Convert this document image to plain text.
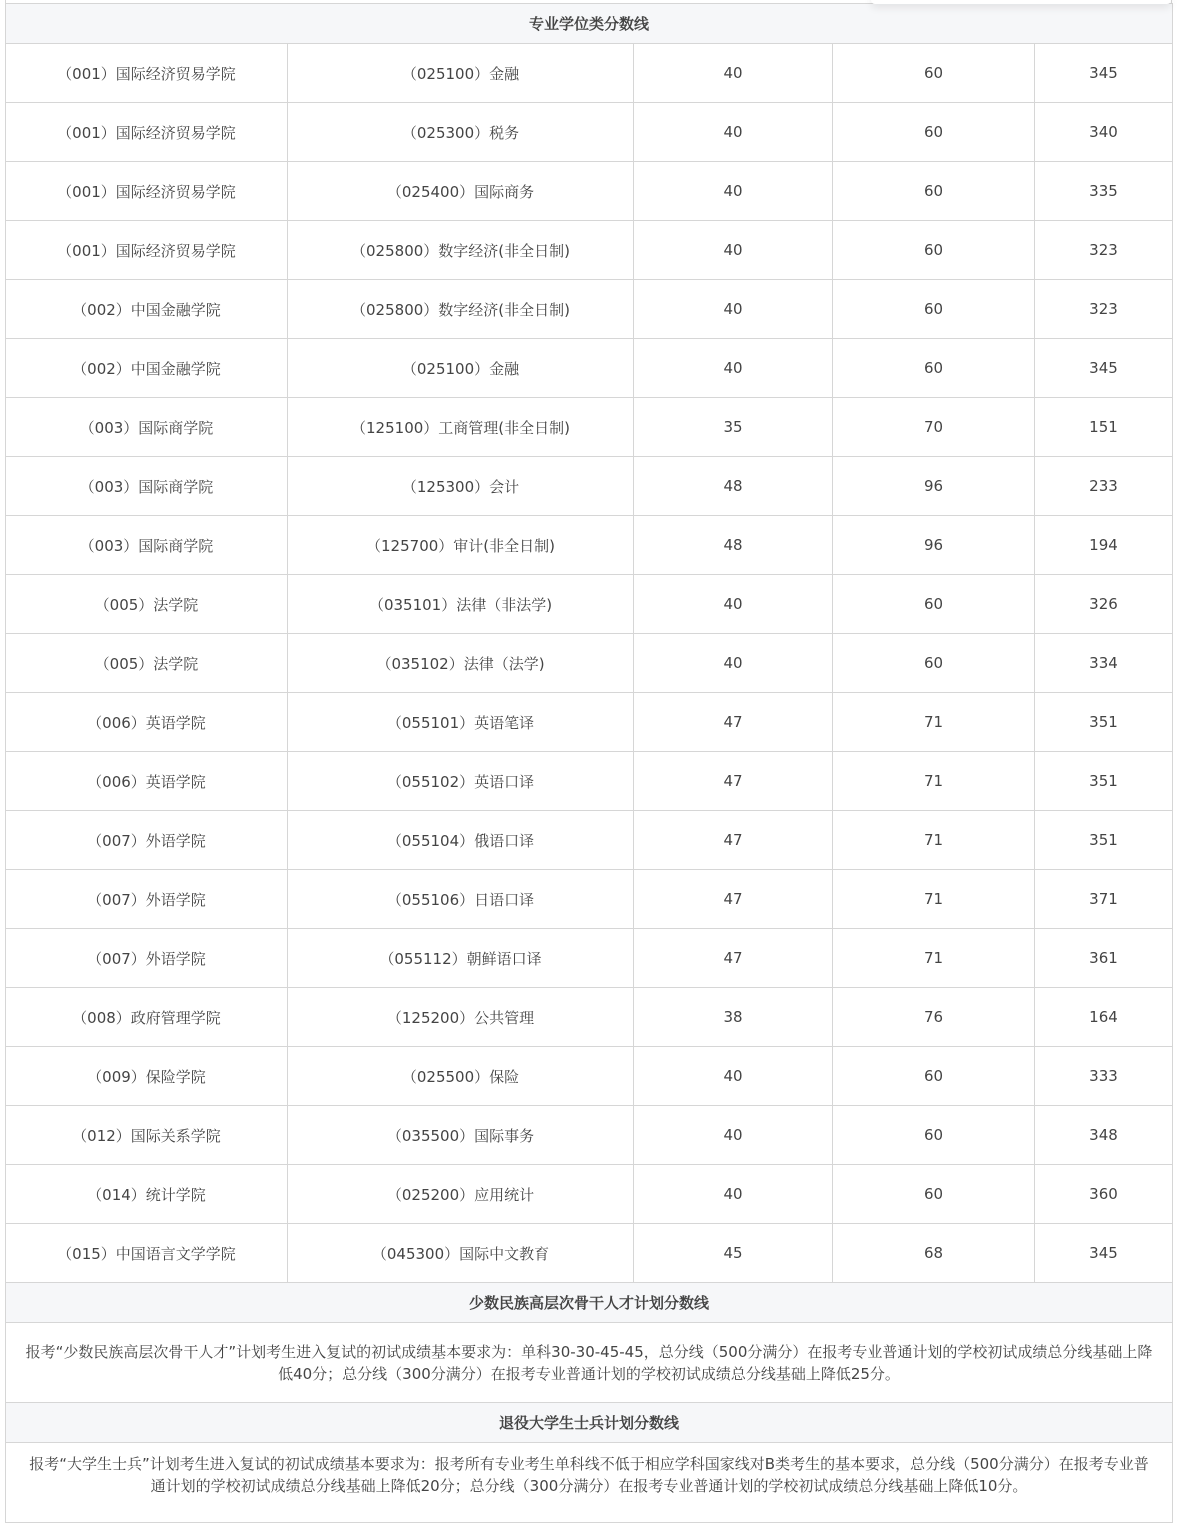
专业学位类分数线				
（001）国际经济贸易学院	（025100）金融	40	60	345
（001）国际经济贸易学院	（025300）税务	40	60	340
（001）国际经济贸易学院	（025400）国际商务	40	60	335
（001）国际经济贸易学院	（025800）数字经济(非全日制)	40	60	323
（002）中国金融学院	（025800）数字经济(非全日制)	40	60	323
（002）中国金融学院	（025100）金融	40	60	345
（003）国际商学院	（125100）工商管理(非全日制)	35	70	151
（003）国际商学院	（125300）会计	48	96	233
（003）国际商学院	（125700）审计(非全日制)	48	96	194
（005）法学院	（035101）法律（非法学)	40	60	326
（005）法学院	（035102）法律（法学)	40	60	334
（006）英语学院	（055101）英语笔译	47	71	351
（006）英语学院	（055102）英语口译	47	71	351
（007）外语学院	（055104）俄语口译	47	71	351
（007）外语学院	（055106）日语口译	47	71	371
（007）外语学院	（055112）朝鲜语口译	47	71	361
（008）政府管理学院	（125200）公共管理	38	76	164
（009）保险学院	（025500）保险	40	60	333
（012）国际关系学院	（035500）国际事务	40	60	348
（014）统计学院	（025200）应用统计	40	60	360
（015）中国语言文学学院	（045300）国际中文教育	45	68	345
少数民族高层次骨干人才计划分数线				
报考“少数民族高层次骨干人才”计划考生进入复试的初试成绩基本要求为：单科30-30-45-45，总分线（500分满分）在报考专业普通计划的学校初试成绩总分线基础上降低40分；总分线（300分满分）在报考专业普通计划的学校初试成绩总分线基础上降低25分。				
退役大学生士兵计划分数线				
报考“大学生士兵”计划考生进入复试的初试成绩基本要求为：报考所有专业考生单科线不低于相应学科国家线对B类考生的基本要求，总分线（500分满分）在报考专业普通计划的学校初试成绩总分线基础上降低20分；总分线（300分满分）在报考专业普通计划的学校初试成绩总分线基础上降低10分。				
